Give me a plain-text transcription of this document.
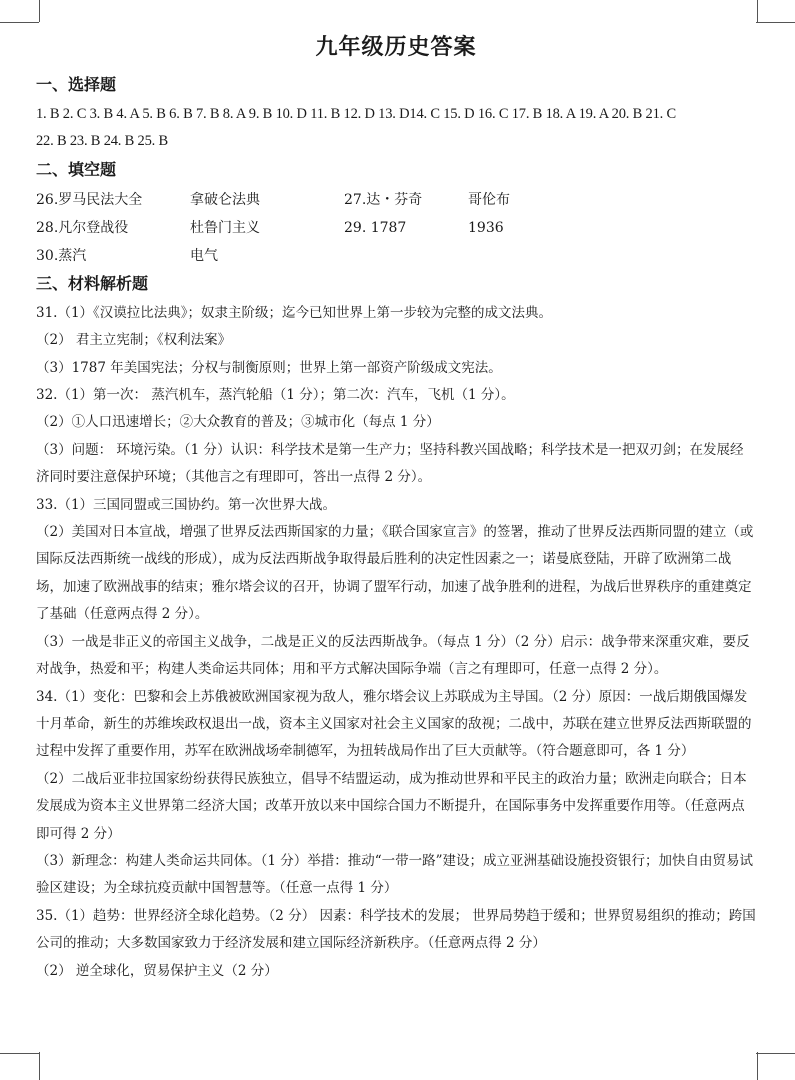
九年级历史答案
一、选择题

1. B 2. C 3. B 4. A 5. B 6. B 7. B 8. A 9. B 10. D 11. B 12. D 13. D14. C 15. D 16. C 17. B 18. A 19. A 20. B 21. C

22. B 23. B 24. B 25. B

二、填空题
26.罗马民法大全	拿破仑法典	27.达・芬奇	哥伦布
28.凡尔登战役	杜鲁门主义	29. 1787	1936
30.蒸汽	电气
三、材料解析题

31.（1）《汉谟拉比法典》；奴隶主阶级；迄今已知世界上第一步较为完整的成文法典。

（2） 君主立宪制；《权利法案》

（3）1787 年美国宪法；分权与制衡原则；世界上第一部资产阶级成文宪法。

32.（1）第一次： 蒸汽机车，蒸汽轮船（1 分）；第二次：汽车，飞机（1 分）。

（2）①人口迅速增长；②大众教育的普及；③城市化（每点 1 分）

（3）问题： 环境污染。（1 分）认识：科学技术是第一生产力；坚持科教兴国战略；科学技术是一把双刃剑；在发展经济同时要注意保护环境；（其他言之有理即可，答出一点得 2 分）。

33.（1）三国同盟或三国协约。第一次世界大战。

（2）美国对日本宣战，增强了世界反法西斯国家的力量；《联合国家宣言》的签署，推动了世界反法西斯同盟的建立（或国际反法西斯统一战线的形成），成为反法西斯战争取得最后胜利的决定性因素之一；诺曼底登陆，开辟了欧洲第二战场，加速了欧洲战事的结束；雅尔塔会议的召开，协调了盟军行动，加速了战争胜利的进程，为战后世界秩序的重建奠定了基础（任意两点得 2 分）。

（3）一战是非正义的帝国主义战争，二战是正义的反法西斯战争。（每点 1 分）（2 分）启示：战争带来深重灾难，要反对战争，热爱和平；构建人类命运共同体；用和平方式解决国际争端（言之有理即可，任意一点得 2 分）。

34.（1）变化：巴黎和会上苏俄被欧洲国家视为敌人，雅尔塔会议上苏联成为主导国。（2 分）原因：一战后期俄国爆发十月革命，新生的苏维埃政权退出一战，资本主义国家对社会主义国家的敌视；二战中，苏联在建立世界反法西斯联盟的过程中发挥了重要作用，苏军在欧洲战场牵制德军，为扭转战局作出了巨大贡献等。（符合题意即可，各 1 分）

（2）二战后亚非拉国家纷纷获得民族独立，倡导不结盟运动，成为推动世界和平民主的政治力量；欧洲走向联合；日本发展成为资本主义世界第二经济大国；改革开放以来中国综合国力不断提升，在国际事务中发挥重要作用等。（任意两点即可得 2 分）

（3）新理念：构建人类命运共同体。（1 分）举措：推动“一带一路”建设；成立亚洲基础设施投资银行；加快自由贸易试验区建设；为全球抗疫贡献中国智慧等。（任意一点得 1 分）

35.（1）趋势：世界经济全球化趋势。（2 分） 因素：科学技术的发展； 世界局势趋于缓和；世界贸易组织的推动；跨国公司的推动；大多数国家致力于经济发展和建立国际经济新秩序。（任意两点得 2 分）

（2） 逆全球化，贸易保护主义（2 分）
